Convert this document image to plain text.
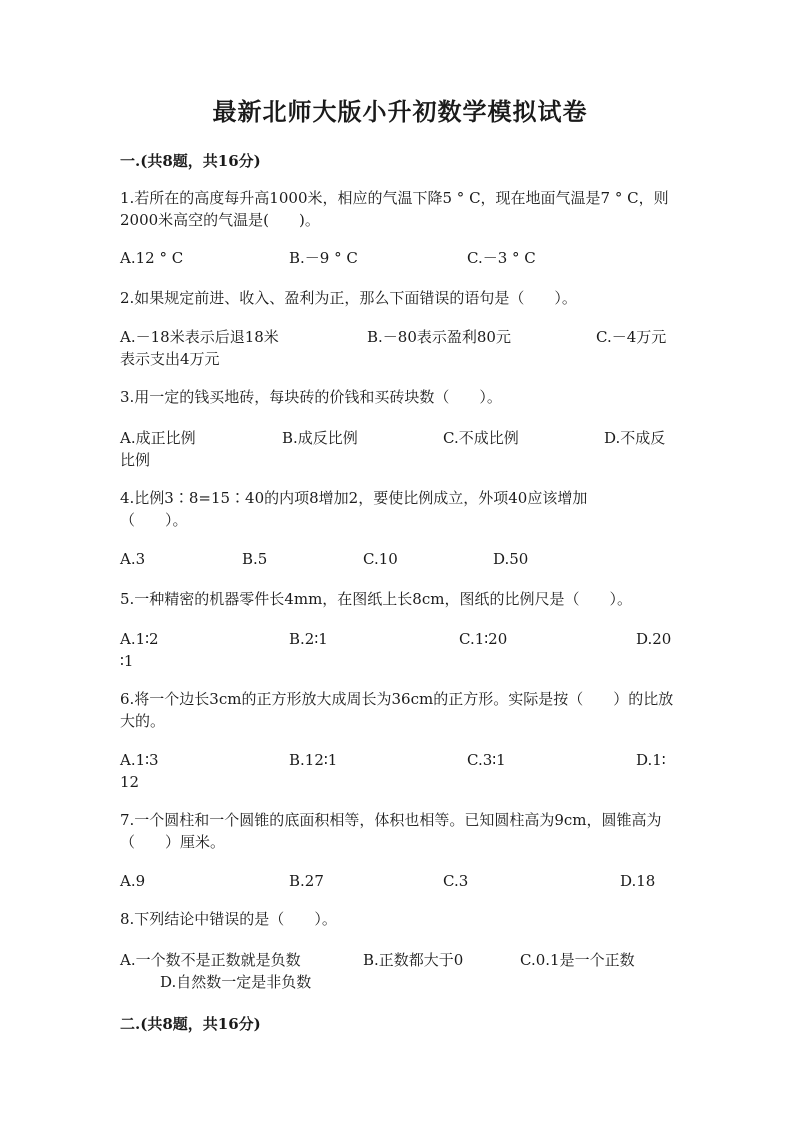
最新北师大版小升初数学模拟试卷
一.(共8题，共16分)
1.若所在的高度每升高1000米，相应的气温下降5 ° C，现在地面气温是7 ° C，则2000米高空的气温是(　　)。
A.12 ° C	B.－9 ° C	C.－3 ° C
2.如果规定前进、收入、盈利为正，那么下面错误的语句是（　　）。
A.－18米表示后退18米	B.－80表示盈利80元	C.－4万元
表示支出4万元
3.用一定的钱买地砖，每块砖的价钱和买砖块数（　　）。
A.成正比例	B.成反比例	C.不成比例	D.不成反
比例
4.比例3∶8=15∶40的内项8增加2，要使比例成立，外项40应该增加（　　）。
A.3	B.5	C.10	D.50
5.一种精密的机器零件长4mm，在图纸上长8cm，图纸的比例尺是（　　）。
A.1∶2	B.2∶1	C.1∶20	D.20
∶1
6.将一个边长3cm的正方形放大成周长为36cm的正方形。实际是按（　　）的比放大的。
A.1∶3	B.12∶1	C.3∶1	D.1∶
12
7.一个圆柱和一个圆锥的底面积相等，体积也相等。已知圆柱高为9cm，圆锥高为（　　）厘米。
A.9	B.27	C.3	D.18
8.下列结论中错误的是（　　）。
A.一个数不是正数就是负数	B.正数都大于0	C.0.1是一个正数
D.自然数一定是非负数
二.(共8题，共16分)
